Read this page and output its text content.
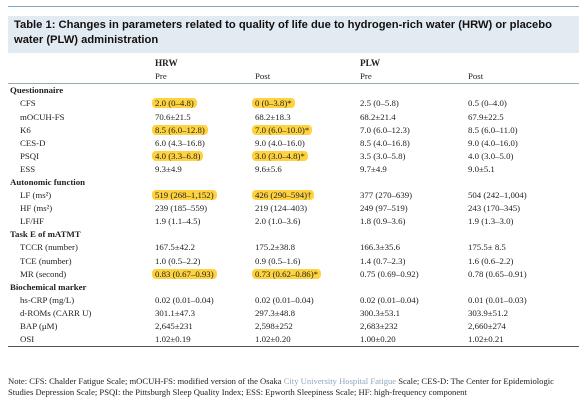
Table 1: Changes in parameters related to quality of life due to hydrogen-rich water (HRW) or placebo water (PLW) administration
	HRW		PLW	
	Pre	Post	Pre	Post
Questionnaire				
CFS	2.0 (0–4.8)	0 (0–3.8)*	2.5 (0–5.8)	0.5 (0–4.0)
mOCUH-FS	70.6±21.5	68.2±18.3	68.2±21.4	67.9±22.5
K6	8.5 (6.0–12.8)	7.0 (6.0–10.0)*	7.0 (6.0–12.3)	8.5 (6.0–11.0)
CES-D	6.0 (4.3–16.8)	9.0 (4.0–16.0)	8.5 (4.0–16.8)	9.0 (4.0–16.0)
PSQI	4.0 (3.3–6.8)	3.0 (3.0–4.8)*	3.5 (3.0–5.8)	4.0 (3.0–5.0)
ESS	9.3±4.9	9.6±5.6	9.7±4.9	9.0±5.1
Autonomic function				
LF (ms²)	519 (268–1,152)	426 (290–594)†	377 (270–639)	504 (242–1,004)
HF (ms²)	239 (185–559)	219 (124–403)	249 (97–519)	243 (170–345)
LF/HF	1.9 (1.1–4.5)	2.0 (1.0–3.6)	1.8 (0.9–3.6)	1.9 (1.3–3.0)
Task E of mATMT				
TCCR (number)	167.5±42.2	175.2±38.8	166.3±35.6	175.5± 8.5
TCE (number)	1.0 (0.5–2.2)	0.9 (0.5–1.6)	1.4 (0.7–2.3)	1.6 (0.6–2.2)
MR (second)	0.83 (0.67–0.93)	0.73 (0.62–0.86)*	0.75 (0.69–0.92)	0.78 (0.65–0.91)
Biochemical marker				
hs-CRP (mg/L)	0.02 (0.01–0.04)	0.02 (0.01–0.04)	0.02 (0.01–0.04)	0.01 (0.01–0.03)
d-ROMs (CARR U)	301.1±47.3	297.3±48.8	300.3±53.1	303.9±51.2
BAP (μM)	2,645±231	2,598±252	2,683±232	2,660±274
OSI	1.02±0.19	1.02±0.20	1.00±0.20	1.02±0.21
Note: CFS: Chalder Fatigue Scale; mOCUH-FS: modified version of the Osaka City University Hospital Fatigue Scale; CES-D: The Center for Epidemiologic Studies Depression Scale; PSQI: the Pittsburgh Sleep Quality Index; ESS: Epworth Sleepiness Scale; HF: high-frequency component
